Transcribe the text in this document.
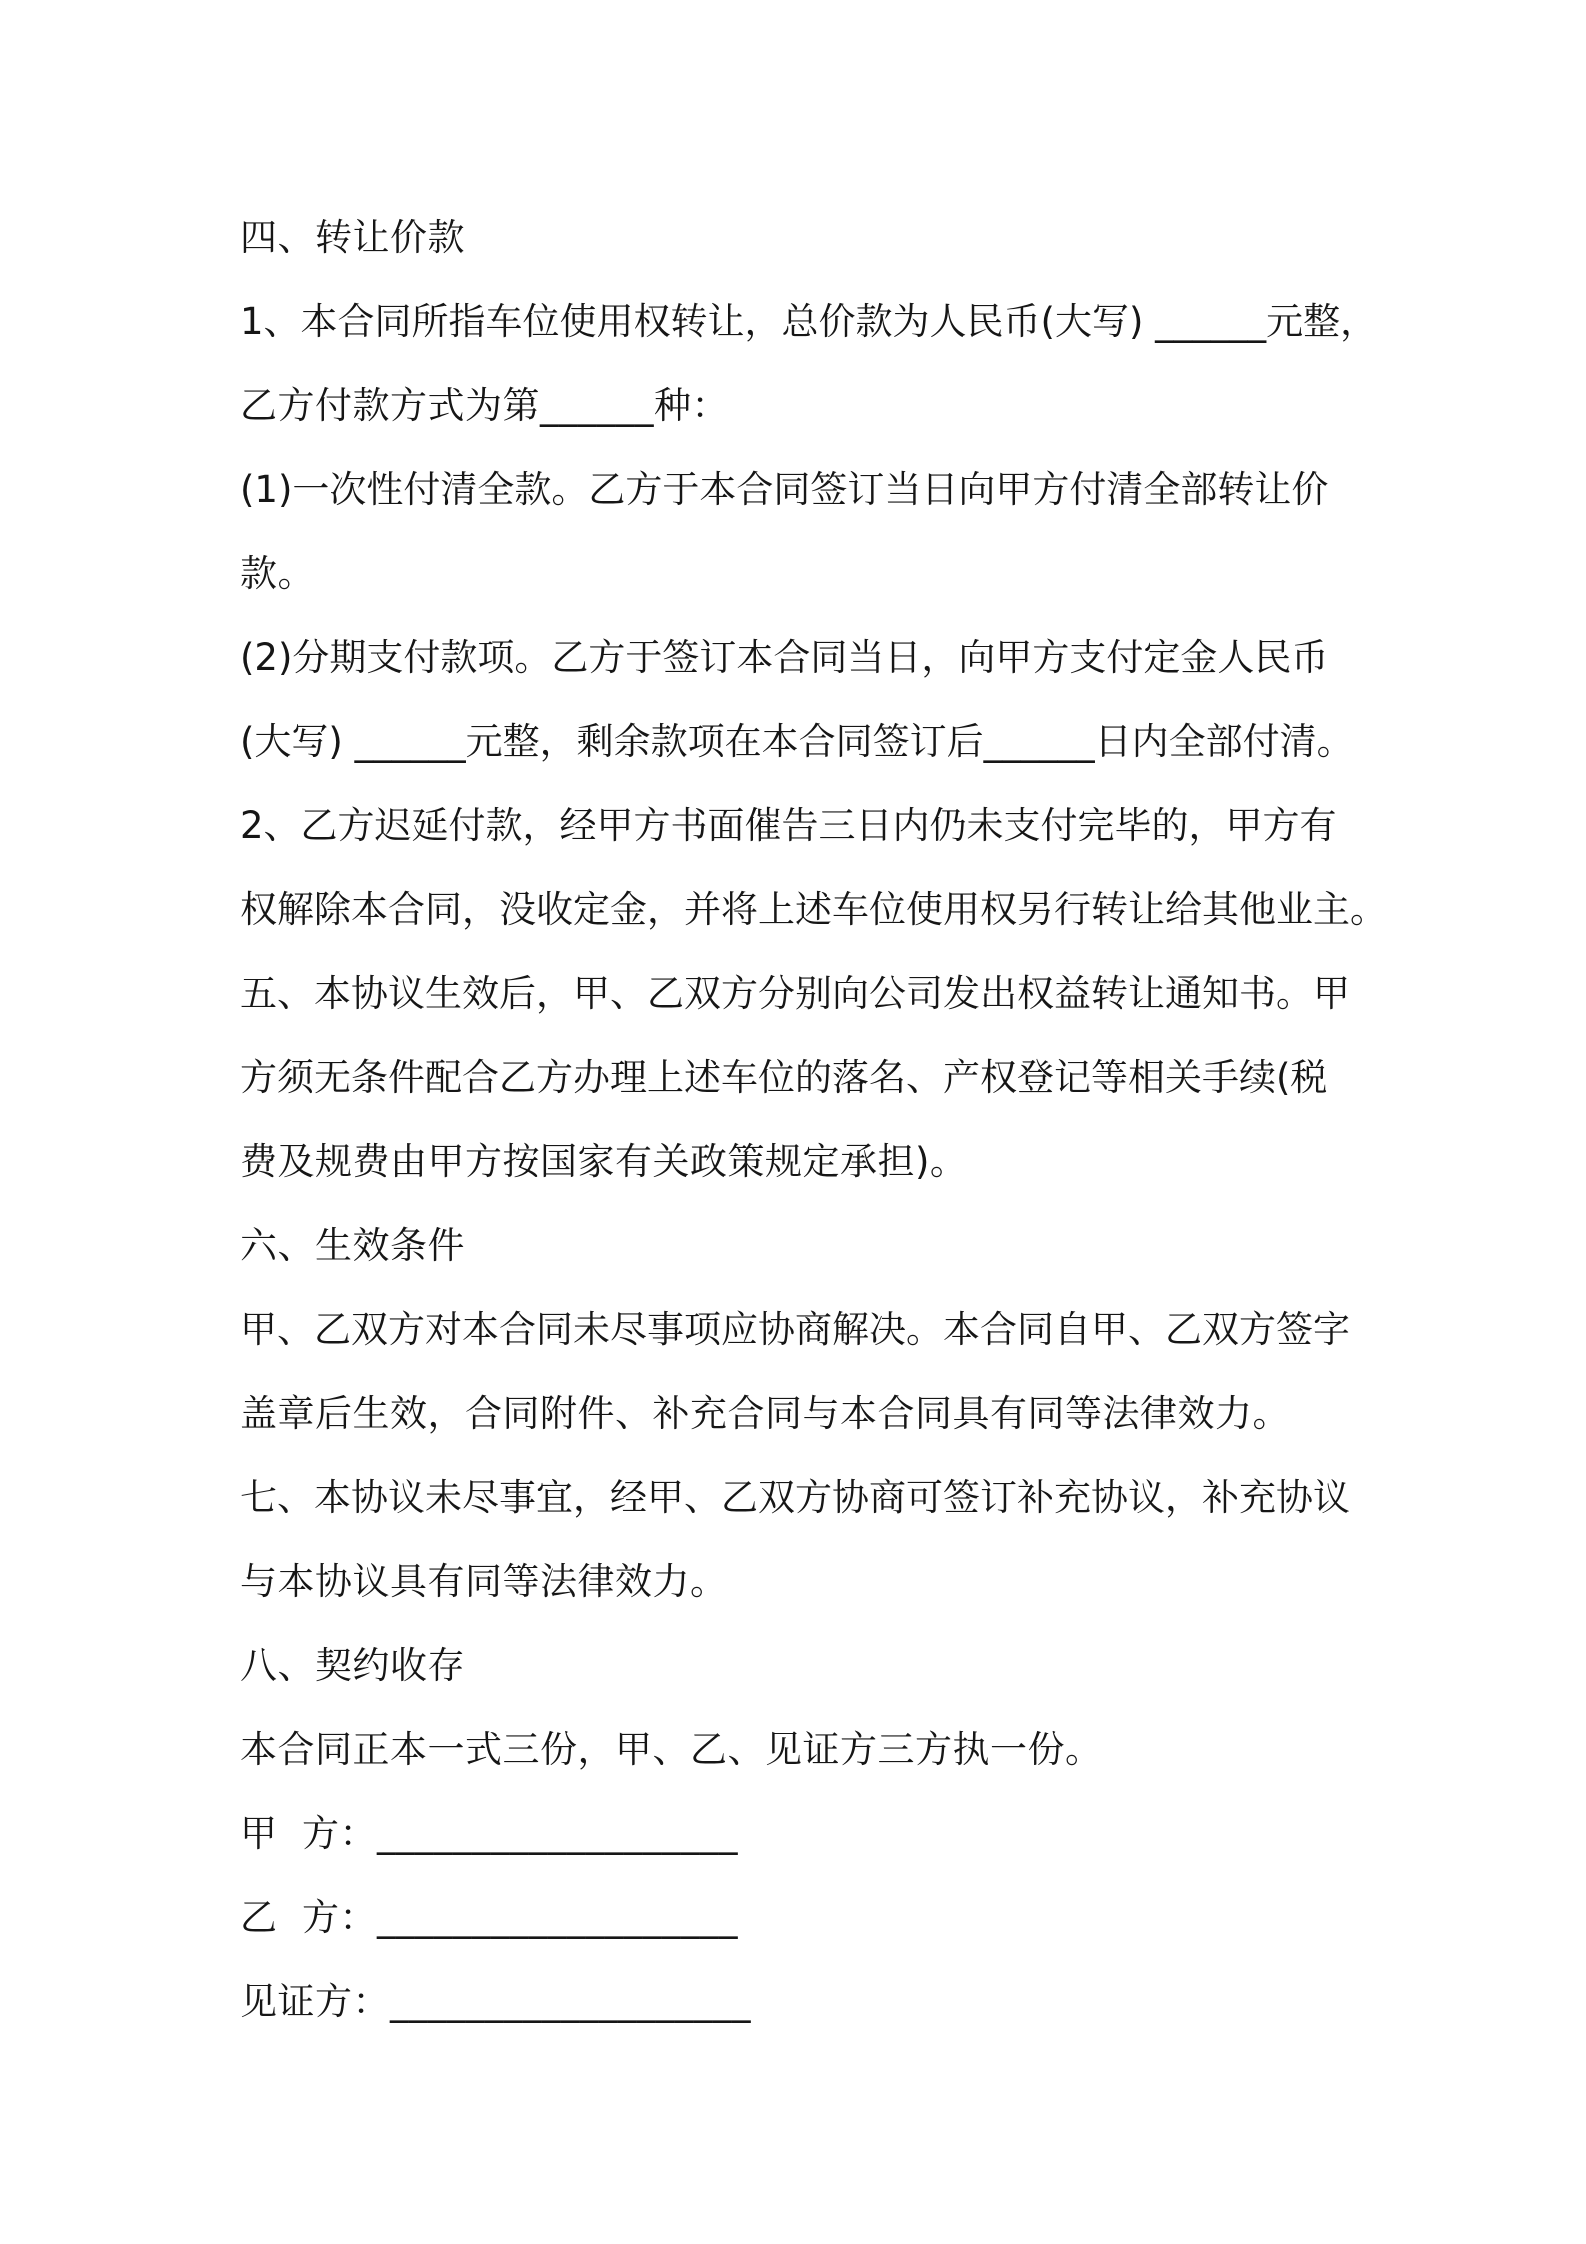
四、转让价款
1、本合同所指车位使用权转让，总价款为人民币(大写) ______元整，
乙方付款方式为第______种：
(1)一次性付清全款。乙方于本合同签订当日向甲方付清全部转让价
款。
(2)分期支付款项。乙方于签订本合同当日，向甲方支付定金人民币
(大写) ______元整，剩余款项在本合同签订后______日内全部付清。
2、乙方迟延付款，经甲方书面催告三日内仍未支付完毕的，甲方有
权解除本合同，没收定金，并将上述车位使用权另行转让给其他业主。
五、本协议生效后，甲、乙双方分别向公司发出权益转让通知书。甲
方须无条件配合乙方办理上述车位的落名、产权登记等相关手续(税
费及规费由甲方按国家有关政策规定承担)。
六、生效条件
甲、乙双方对本合同未尽事项应协商解决。本合同自甲、乙双方签字
盖章后生效，合同附件、补充合同与本合同具有同等法律效力。
七、本协议未尽事宜，经甲、乙双方协商可签订补充协议，补充协议
与本协议具有同等法律效力。
八、契约收存
本合同正本一式三份，甲、乙、见证方三方执一份。
甲  方：___________________
乙  方：___________________
见证方：___________________
